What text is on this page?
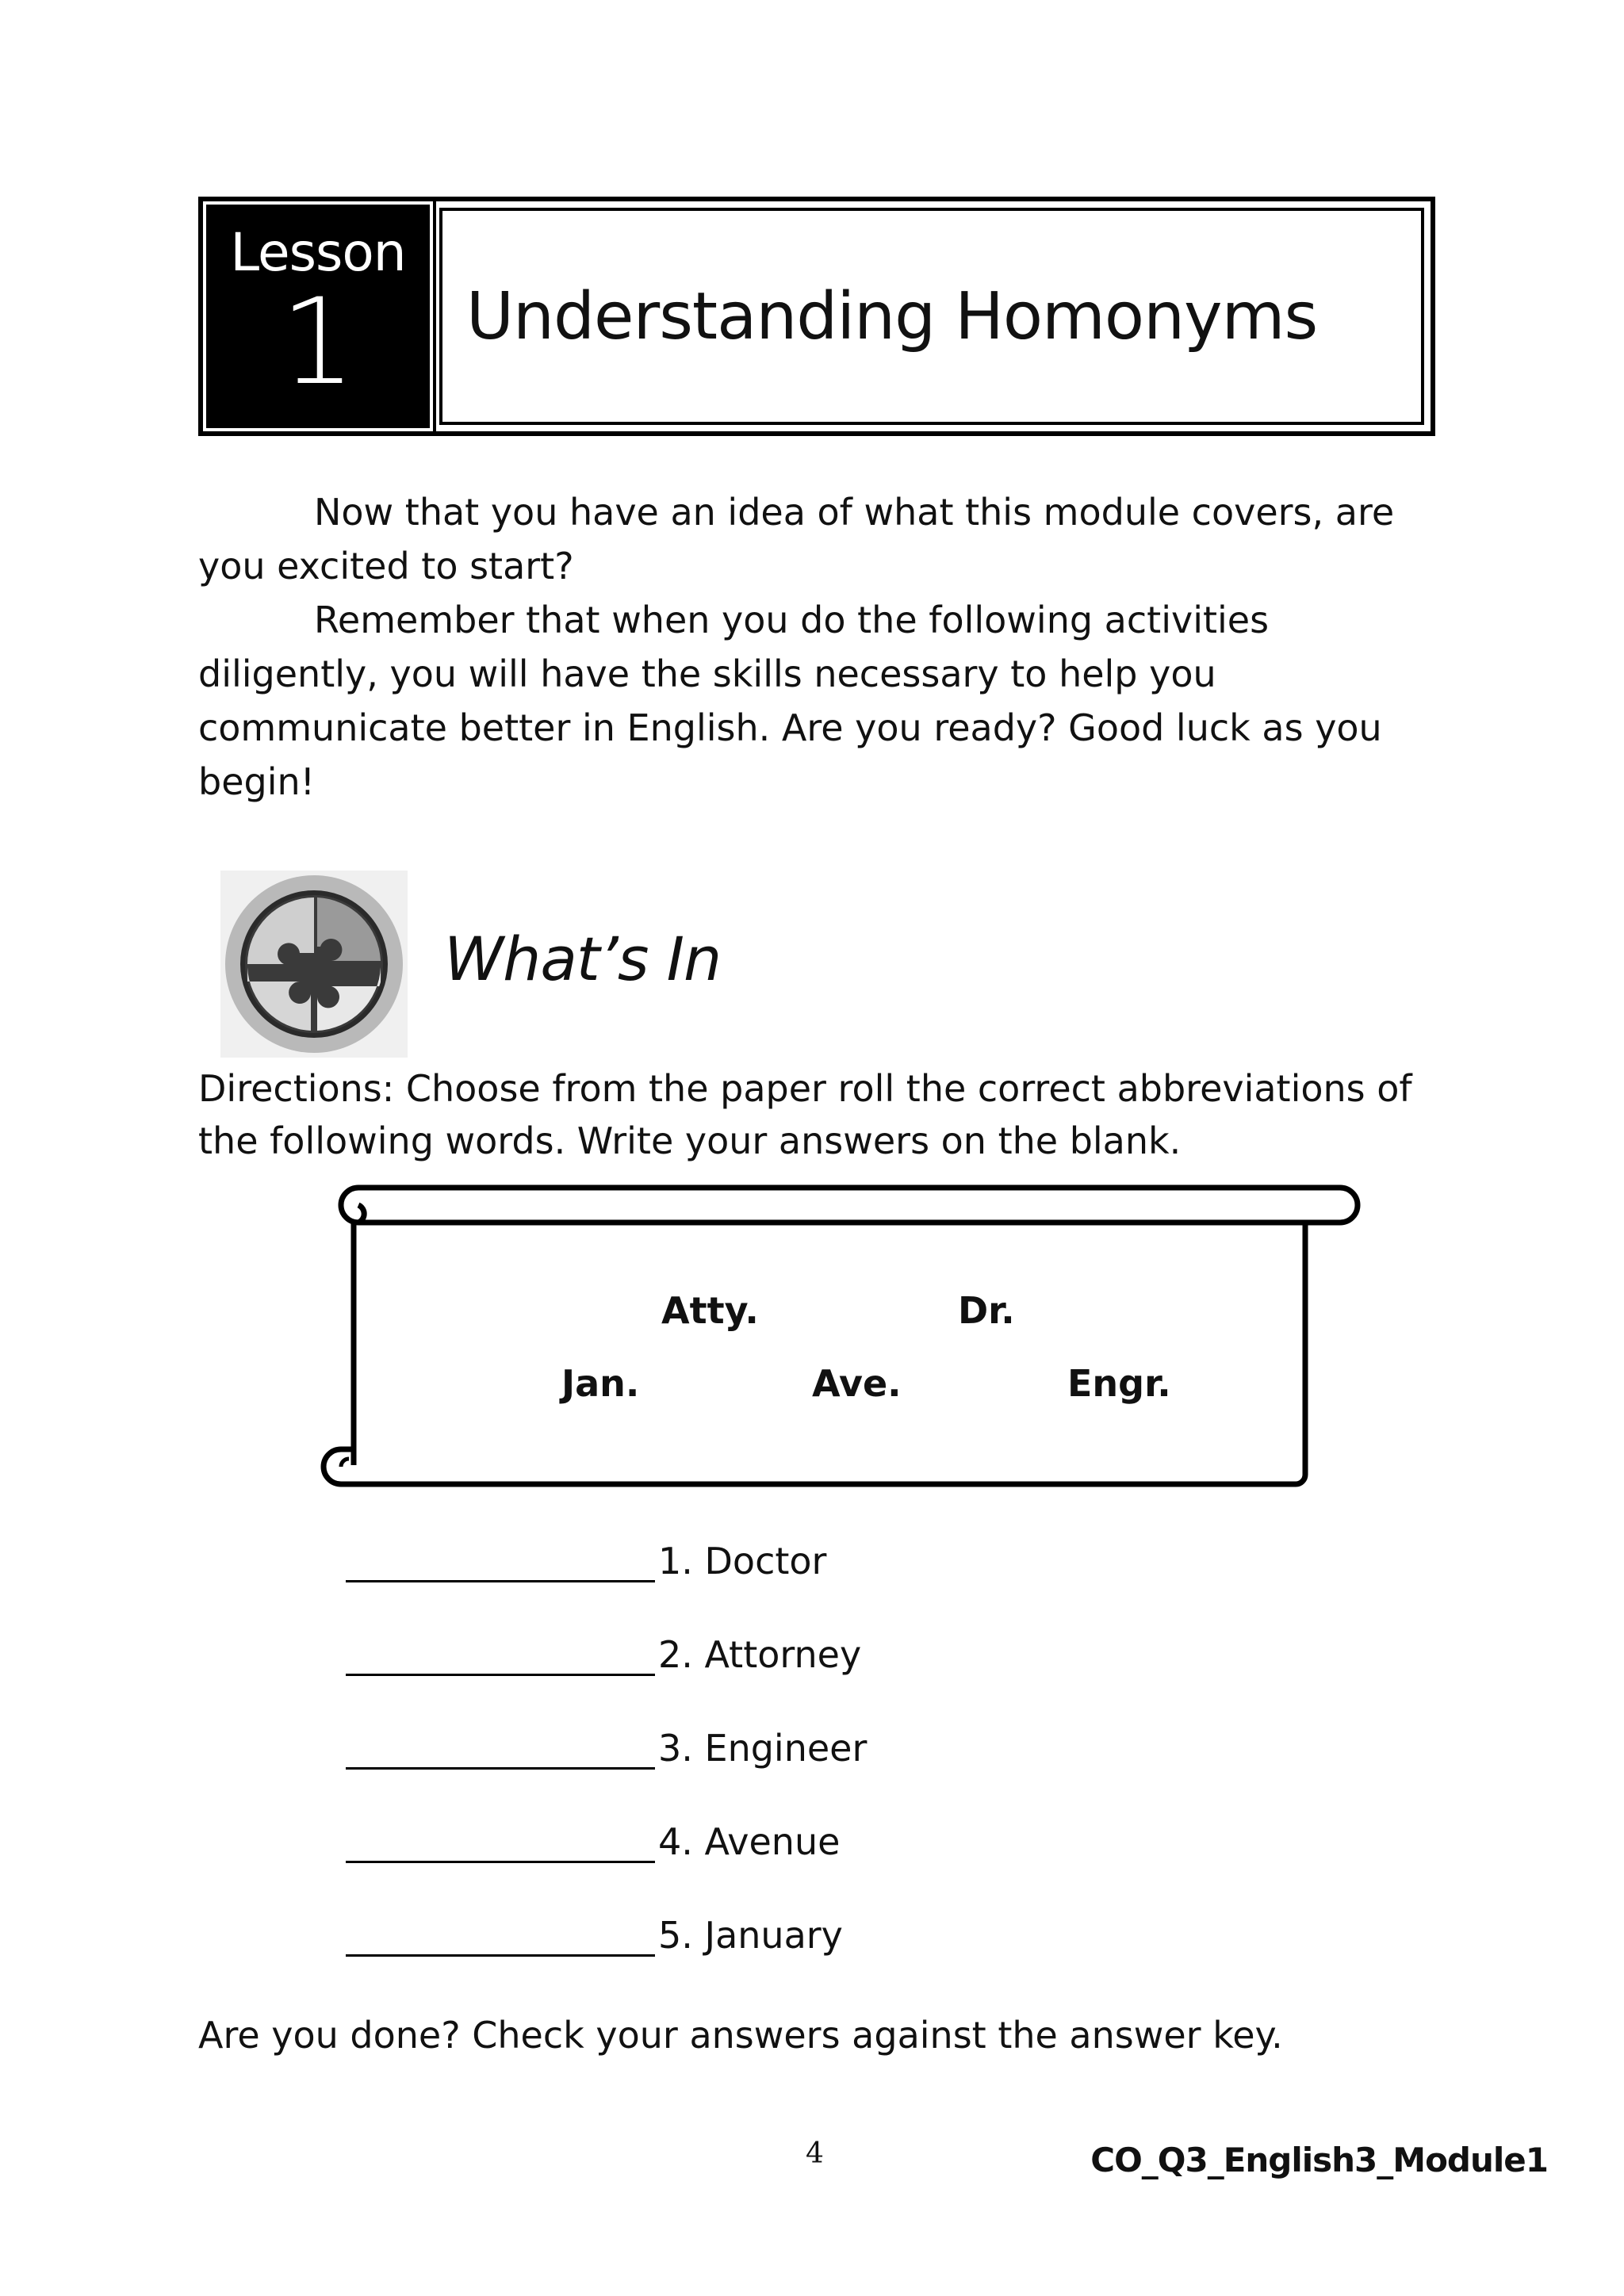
Lesson
1 Understanding Homonyms

Now that you have an idea of what this module covers, are you excited to start?

Remember that when you do the following activities diligently, you will have the skills necessary to help you communicate better in English. Are you ready? Good luck as you begin!

What’s In

Directions: Choose from the paper roll the correct abbreviations of the following words. Write your answers on the blank.

Atty.	Dr.
Jan.	Ave.	Engr.
1. Doctor
2. Attorney
3. Engineer
4. Avenue
5. January

Are you done? Check your answers against the answer key.

4	CO_Q3_English3_Module1
